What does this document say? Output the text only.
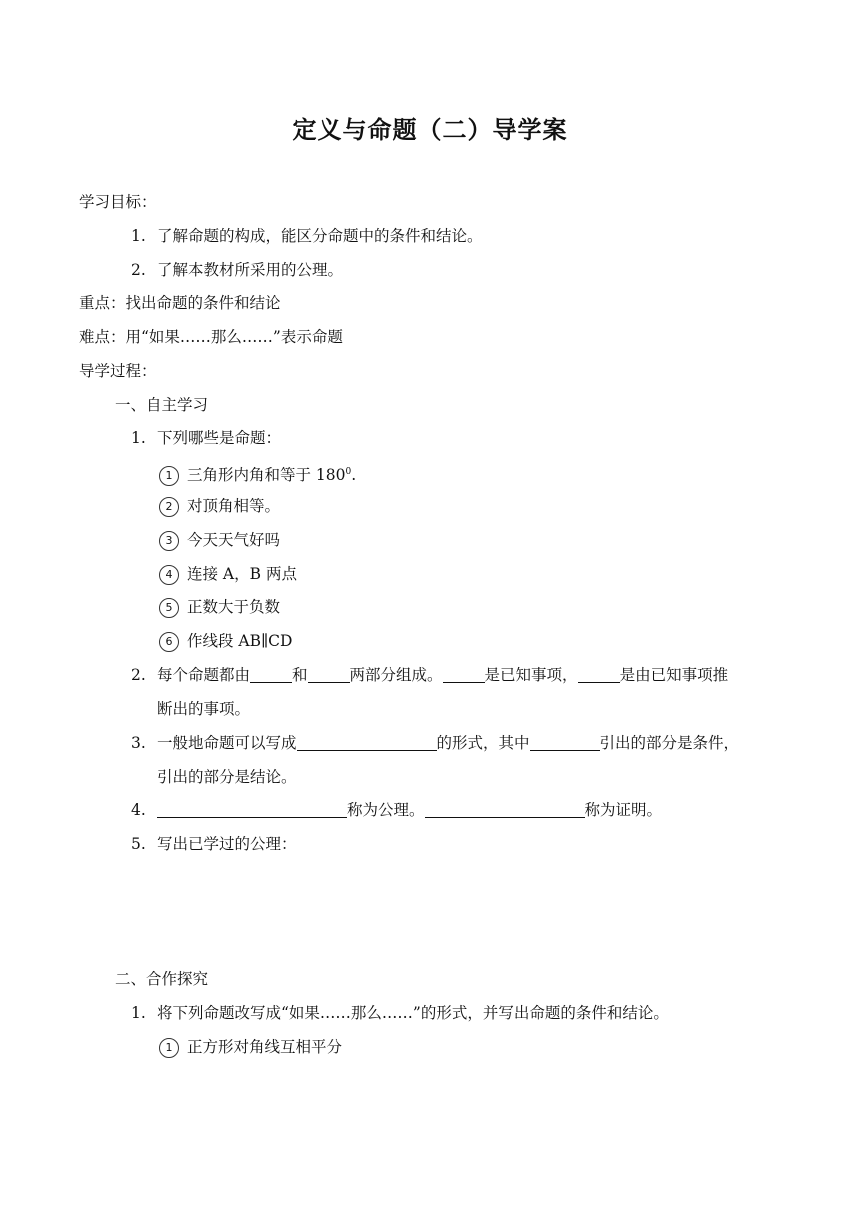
定义与命题（二）导学案
学习目标：
1. 了解命题的构成，能区分命题中的条件和结论。
2. 了解本教材所采用的公理。
重点：找出命题的条件和结论
难点：用“如果……那么……”表示命题
导学过程：
一、自主学习
1. 下列哪些是命题：
1 三角形内角和等于 $180^0$.
2 对顶角相等。
3 今天天气好吗
4 连接 A，B 两点
5 正数大于负数
6 作线段 AB∥CD
2. 每个命题都由	和	两部分组成。	是已知事项，	是由已知事项推
断出的事项。
3. 一般地命题可以写成	的形式，其中	引出的部分是条件，
引出的部分是结论。
4.	称为公理。	称为证明。
5. 写出已学过的公理：
二、合作探究
1. 将下列命题改写成“如果……那么……”的形式，并写出命题的条件和结论。
1 正方形对角线互相平分
